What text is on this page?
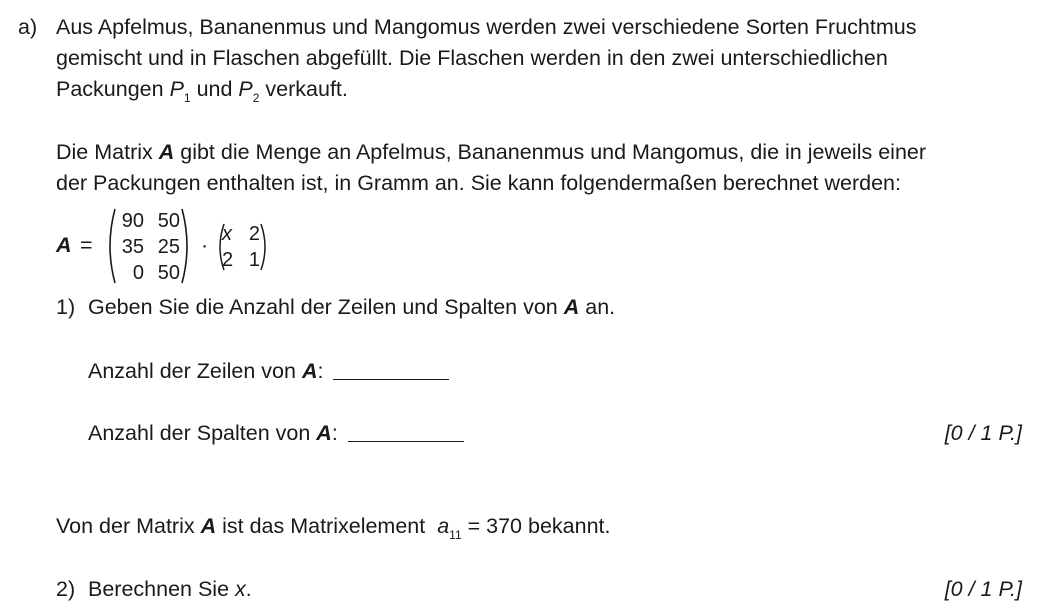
a) Aus Apfelmus, Bananenmus und Mangomus werden zwei verschiedene Sorten Fruchtmus
gemischt und in Flaschen abgefüllt. Die Flaschen werden in den zwei unterschiedlichen
Packungen $P_1$ und $P_2$ verkauft.
Die Matrix A gibt die Menge an Apfelmus, Bananenmus und Mangomus, die in jeweils einer
der Packungen enthalten ist, in Gramm an. Sie kann folgendermaßen berechnet werden:
A =
90 50
35 25
0 50
· x 2
2 1
1) Geben Sie die Anzahl der Zeilen und Spalten von A an.
Anzahl der Zeilen von A:
Anzahl der Spalten von A:	[0 / 1 P.]
Von der Matrix A ist das Matrixelement $a_{11} = 370$ bekannt.
2) Berechnen Sie x.	[0 / 1 P.]
